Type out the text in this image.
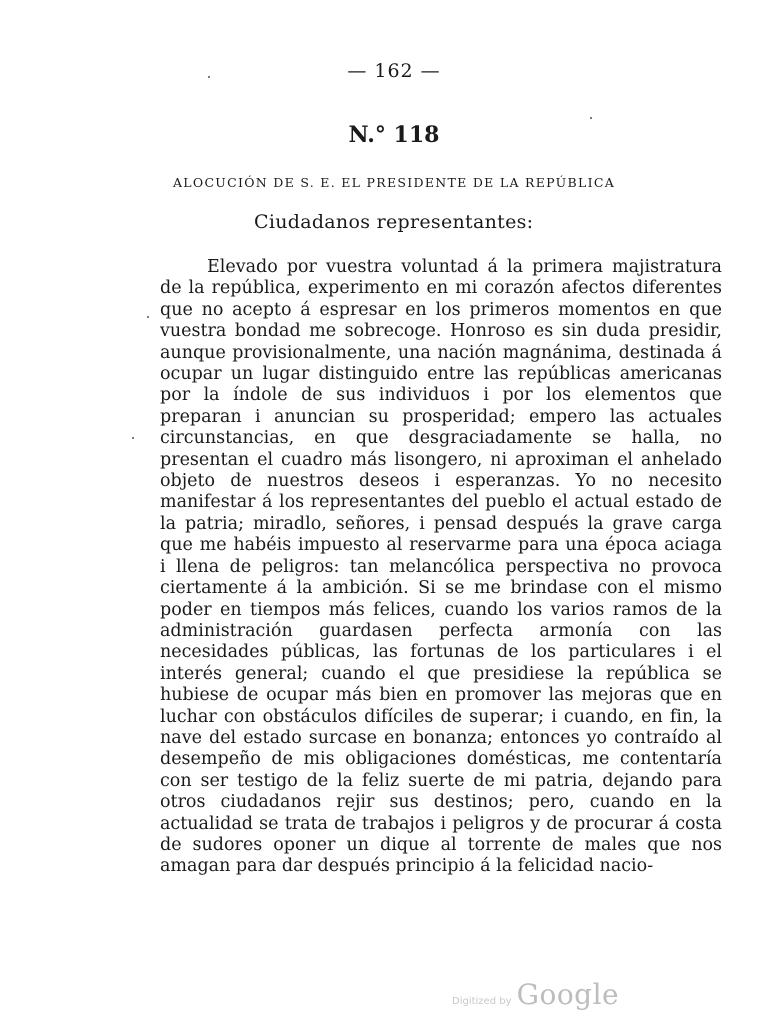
— 162 —
N.° 118
ALOCUCIÓN DE S. E. EL PRESIDENTE DE LA REPÚBLICA
Ciudadanos representantes:

Elevado por vuestra voluntad á la primera majistratura de la república, experimento en mi corazón afectos diferentes que no acepto á espresar en los primeros momentos en que vuestra bondad me sobrecoge. Honroso es sin duda presidir, aunque provisionalmente, una nación magnánima, destinada á ocupar un lugar distinguido entre las repúblicas americanas por la índole de sus individuos i por los elementos que preparan i anuncian su prosperidad; empero las actuales circunstancias, en que desgraciadamente se halla, no presentan el cuadro más lisongero, ni aproximan el anhelado objeto de nuestros deseos i esperanzas. Yo no necesito manifestar á los representantes del pueblo el actual estado de la patria; miradlo, señores, i pensad después la grave carga que me habéis impuesto al reservarme para una época aciaga i llena de peligros: tan melancólica perspectiva no provoca ciertamente á la ambición. Si se me brindase con el mismo poder en tiempos más felices, cuando los varios ramos de la administración guardasen perfecta armonía con las necesidades públicas, las fortunas de los particulares i el interés general; cuando el que presidiese la república se hubiese de ocupar más bien en promover las mejoras que en luchar con obstáculos difíciles de superar; i cuando, en fin, la nave del estado surcase en bonanza; entonces yo contraído al desempeño de mis obligaciones domésticas, me contentaría con ser testigo de la feliz suerte de mi patria, dejando para otros ciudadanos rejir sus destinos; pero, cuando en la actualidad se trata de trabajos i peligros y de procurar á costa de sudores oponer un dique al torrente de males que nos amagan para dar después principio á la felicidad nacio-

Digitized by Google
